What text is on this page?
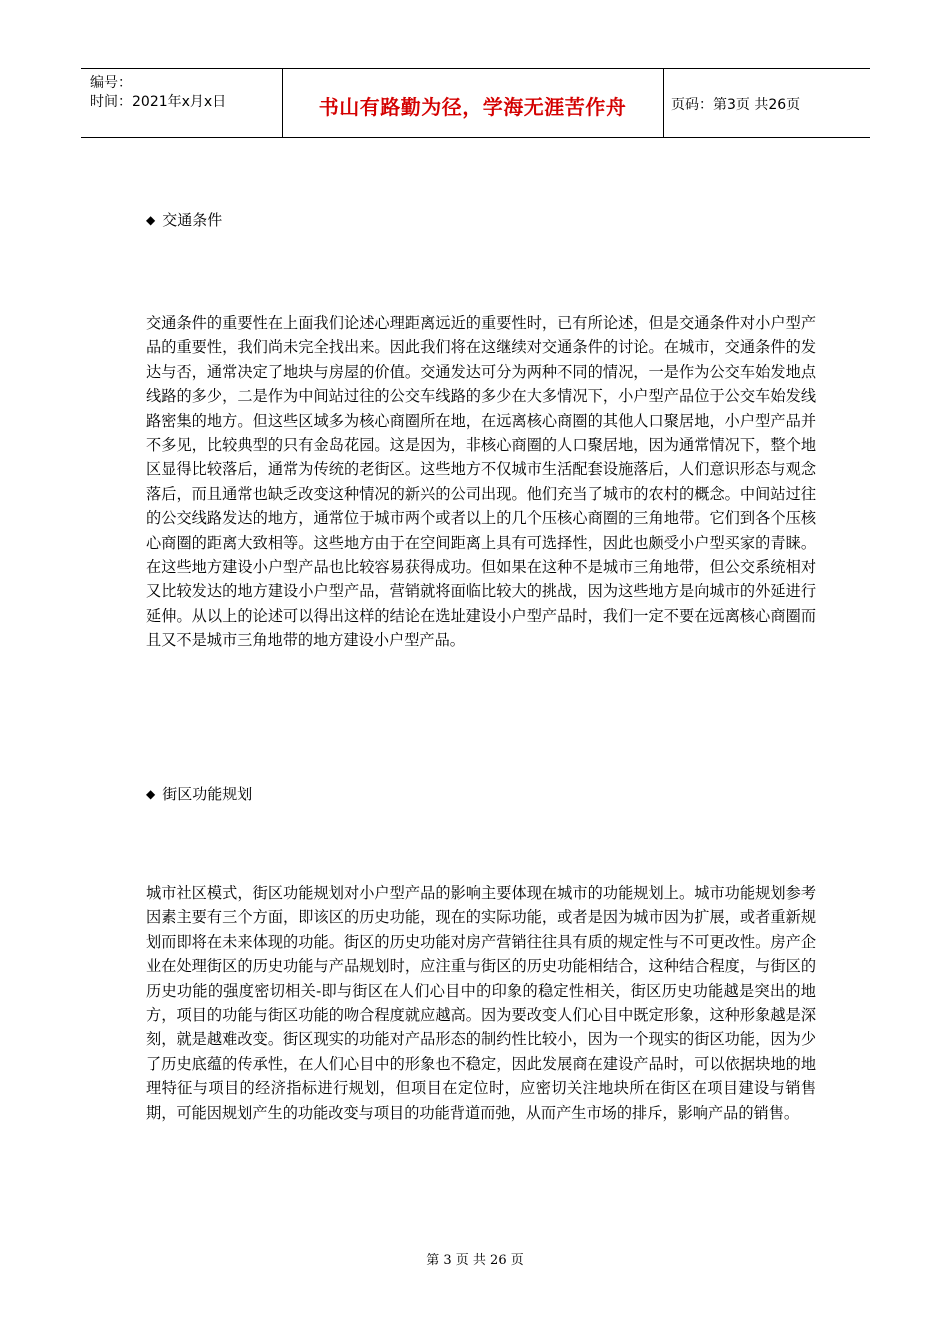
编号：
时间：2021年x月x日	书山有路勤为径，学海无涯苦作舟	页码：第3页 共26页
◆ 交通条件

交通条件的重要性在上面我们论述心理距离远近的重要性时，已有所论述，但是交通条件对小户型产品的重要性，我们尚未完全找出来。因此我们将在这继续对交通条件的讨论。在城市，交通条件的发达与否，通常决定了地块与房屋的价值。交通发达可分为两种不同的情况，一是作为公交车始发地点线路的多少，二是作为中间站过往的公交车线路的多少在大多情况下，小户型产品位于公交车始发线路密集的地方。但这些区域多为核心商圈所在地，在远离核心商圈的其他人口聚居地，小户型产品并不多见，比较典型的只有金岛花园。这是因为，非核心商圈的人口聚居地，因为通常情况下，整个地区显得比较落后，通常为传统的老街区。这些地方不仅城市生活配套设施落后，人们意识形态与观念落后，而且通常也缺乏改变这种情况的新兴的公司出现。他们充当了城市的农村的概念。中间站过往的公交线路发达的地方，通常位于城市两个或者以上的几个压核心商圈的三角地带。它们到各个压核心商圈的距离大致相等。这些地方由于在空间距离上具有可选择性，因此也颇受小户型买家的青睐。在这些地方建设小户型产品也比较容易获得成功。但如果在这种不是城市三角地带，但公交系统相对又比较发达的地方建设小户型产品，营销就将面临比较大的挑战，因为这些地方是向城市的外延进行延伸。从以上的论述可以得出这样的结论在选址建设小户型产品时，我们一定不要在远离核心商圈而且又不是城市三角地带的地方建设小户型产品。

◆ 街区功能规划

城市社区模式，街区功能规划对小户型产品的影响主要体现在城市的功能规划上。城市功能规划参考因素主要有三个方面，即该区的历史功能，现在的实际功能，或者是因为城市因为扩展，或者重新规划而即将在未来体现的功能。街区的历史功能对房产营销往往具有质的规定性与不可更改性。房产企业在处理街区的历史功能与产品规划时，应注重与街区的历史功能相结合，这种结合程度，与街区的历史功能的强度密切相关-即与街区在人们心目中的印象的稳定性相关，街区历史功能越是突出的地方，项目的功能与街区功能的吻合程度就应越高。因为要改变人们心目中既定形象，这种形象越是深刻，就是越难改变。街区现实的功能对产品形态的制约性比较小，因为一个现实的街区功能，因为少了历史底蕴的传承性，在人们心目中的形象也不稳定，因此发展商在建设产品时，可以依据块地的地理特征与项目的经济指标进行规划，但项目在定位时，应密切关注地块所在街区在项目建设与销售期，可能因规划产生的功能改变与项目的功能背道而弛，从而产生市场的排斥，影响产品的销售。

第 3 页 共 26 页
